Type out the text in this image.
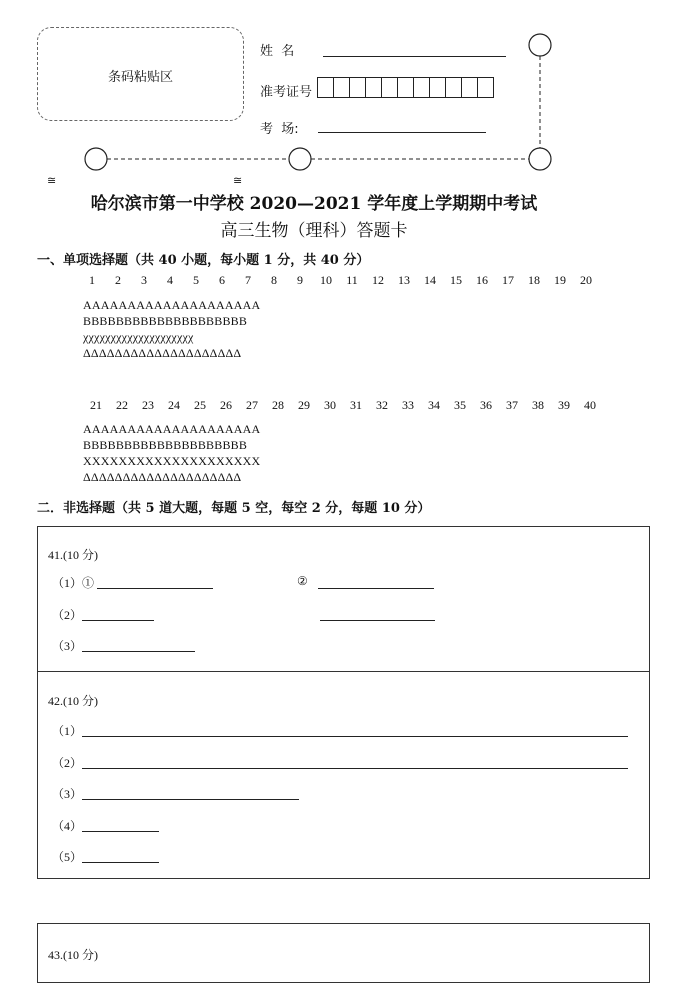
条码粘贴区
姓  名
准考证号
考  场:
≅	≅
哈尔滨市第一中学校 2020—2021 学年度上学期期中考试
高三生物（理科）答题卡
一、单项选择题（共 40 小题，每小题 1 分，共 40 分）
1	2	3	4	5	6	7	8	9	10	11	12	13	14	15	16	17	18	19	20
AAAAAAAAAAAAAAAAAAAA
BBBBBBBBBBBBBBBBBBBB
χχχχχχχχχχχχχχχχχχχχ
ΔΔΔΔΔΔΔΔΔΔΔΔΔΔΔΔΔΔΔΔ
21	22	23	24	25	26	27	28	29	30	31	32	33	34	35	36	37	38	39	40
AAAAAAAAAAAAAAAAAAAA
BBBBBBBBBBBBBBBBBBBB
XXXXXXXXXXXXXXXXXXXX
ΔΔΔΔΔΔΔΔΔΔΔΔΔΔΔΔΔΔΔΔ
二．非选择题（共 5 道大题，每题 5 空，每空 2 分，每题 10 分）
41.(10 分)
（1）①	②
（2）
（3）
42.(10 分)
（1）
（2）
（3）
（4）
（5）
43.(10 分)
